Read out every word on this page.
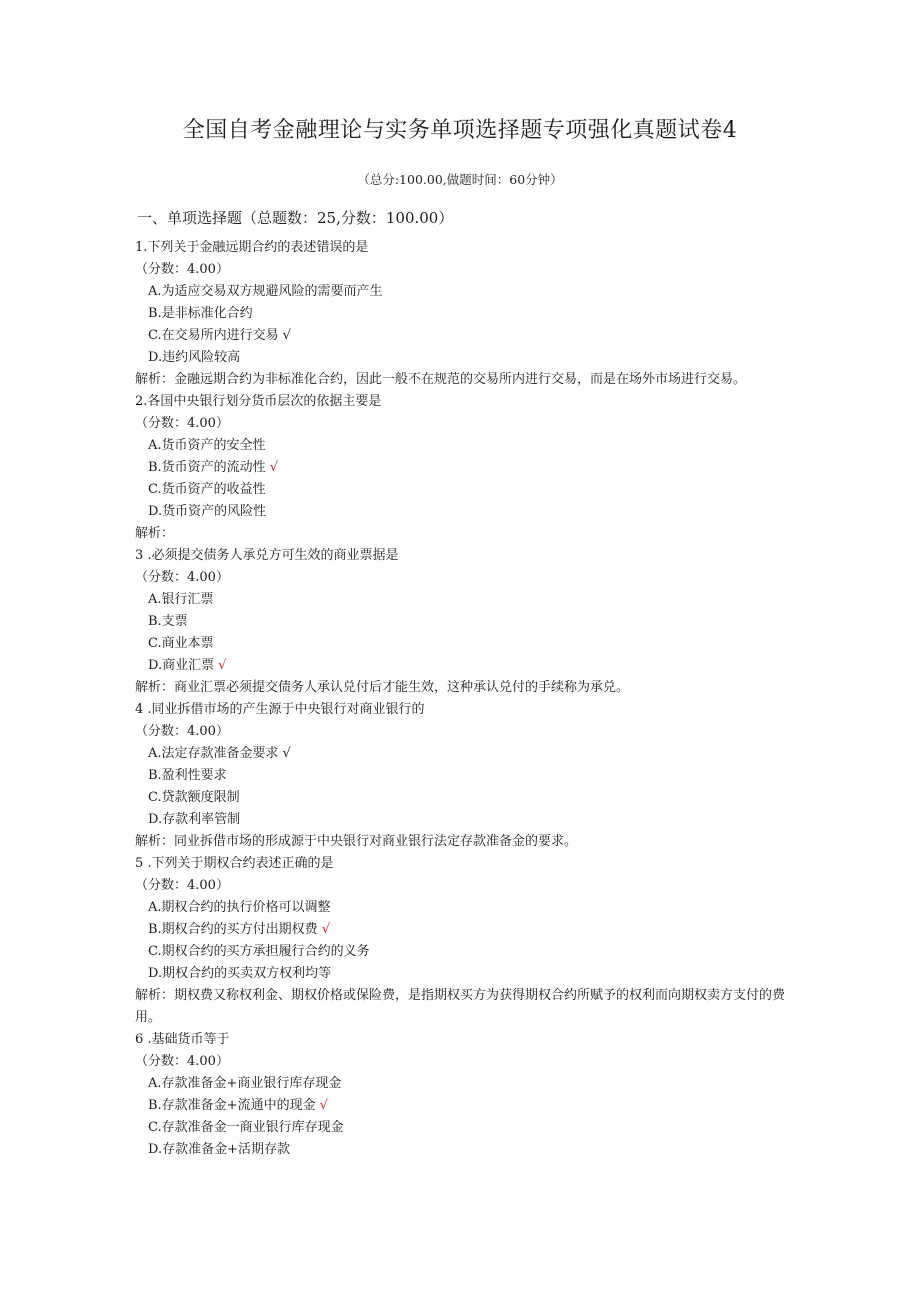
全国自考金融理论与实务单项选择题专项强化真题试卷4
（总分:100.00,做题时间：60分钟）
一、单项选择题（总题数：25,分数：100.00）
1.下列关于金融远期合约的表述错误的是
（分数：4.00）
A.为适应交易双方规避风险的需要而产生
B.是非标准化合约
C.在交易所内进行交易 √
D.违约风险较高
解析：金融远期合约为非标准化合约，因此一般不在规范的交易所内进行交易，而是在场外市场进行交易。
2.各国中央银行划分货币层次的依据主要是
（分数：4.00）
A.货币资产的安全性
B.货币资产的流动性 √
C.货币资产的收益性
D.货币资产的风险性
解析：
3 .必须提交债务人承兑方可生效的商业票据是
（分数：4.00）
A.银行汇票
B.支票
C.商业本票
D.商业汇票 √
解析：商业汇票必须提交债务人承认兑付后才能生效，这种承认兑付的手续称为承兑。
4 .同业拆借市场的产生源于中央银行对商业银行的
（分数：4.00）
A.法定存款准备金要求 √
B.盈利性要求
C.贷款额度限制
D.存款利率管制
解析：同业拆借市场的形成源于中央银行对商业银行法定存款准备金的要求。
5 .下列关于期权合约表述正确的是
（分数：4.00）
A.期权合约的执行价格可以调整
B.期权合约的买方付出期权费 √
C.期权合约的买方承担履行合约的义务
D.期权合约的买卖双方权利均等
解析：期权费又称权利金、期权价格或保险费，是指期权买方为获得期权合约所赋予的权利而向期权卖方支付的费用。
6 .基础货币等于
（分数：4.00）
A.存款准备金+商业银行库存现金
B.存款准备金+流通中的现金 √
C.存款准备金一商业银行库存现金
D.存款准备金+活期存款
